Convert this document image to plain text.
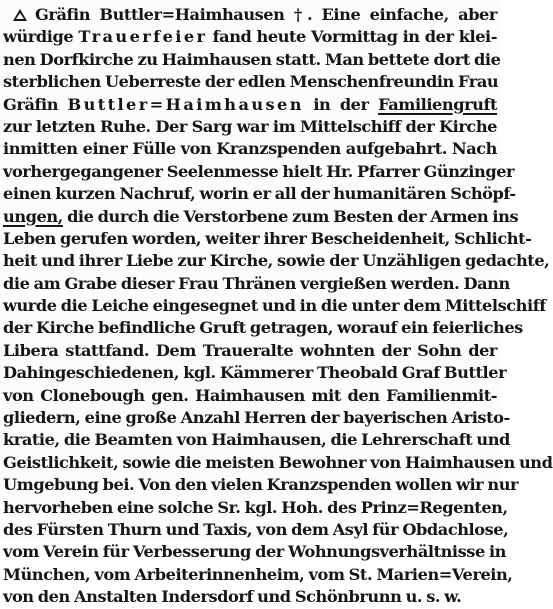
Gräfin Buttler=Haimhausen †. Eine einfache, aber
würdige Trauerfeier fand heute Vormittag in der klei-
nen Dorfkirche zu Haimhausen statt. Man bettete dort die
sterblichen Ueberreste der edlen Menschenfreundin Frau
Gräfin Buttler=Haimhausen in der Familiengruft
zur letzten Ruhe. Der Sarg war im Mittelschiff der Kirche
inmitten einer Fülle von Kranzspenden aufgebahrt. Nach
vorhergegangener Seelenmesse hielt Hr. Pfarrer Günzinger
einen kurzen Nachruf, worin er all der humanitären Schöpf-
ungen, die durch die Verstorbene zum Besten der Armen ins
Leben gerufen worden, weiter ihrer Bescheidenheit, Schlicht-
heit und ihrer Liebe zur Kirche, sowie der Unzähligen gedachte,
die am Grabe dieser Frau Thränen vergießen werden. Dann
wurde die Leiche eingesegnet und in die unter dem Mittelschiff
der Kirche befindliche Gruft getragen, worauf ein feierliches
Libera stattfand. Dem Traueralte wohnten der Sohn der
Dahingeschiedenen, kgl. Kämmerer Theobald Graf Buttler
von Clonebough gen. Haimhausen mit den Familienmit-
gliedern, eine große Anzahl Herren der bayerischen Aristo-
kratie, die Beamten von Haimhausen, die Lehrerschaft und
Geistlichkeit, sowie die meisten Bewohner von Haimhausen und
Umgebung bei. Von den vielen Kranzspenden wollen wir nur
hervorheben eine solche Sr. kgl. Hoh. des Prinz=Regenten,
des Fürsten Thurn und Taxis, von dem Asyl für Obdachlose,
vom Verein für Verbesserung der Wohnungsverhältnisse in
München, vom Arbeiterinnenheim, vom St. Marien=Verein,
von den Anstalten Indersdorf und Schönbrunn u. s. w.
